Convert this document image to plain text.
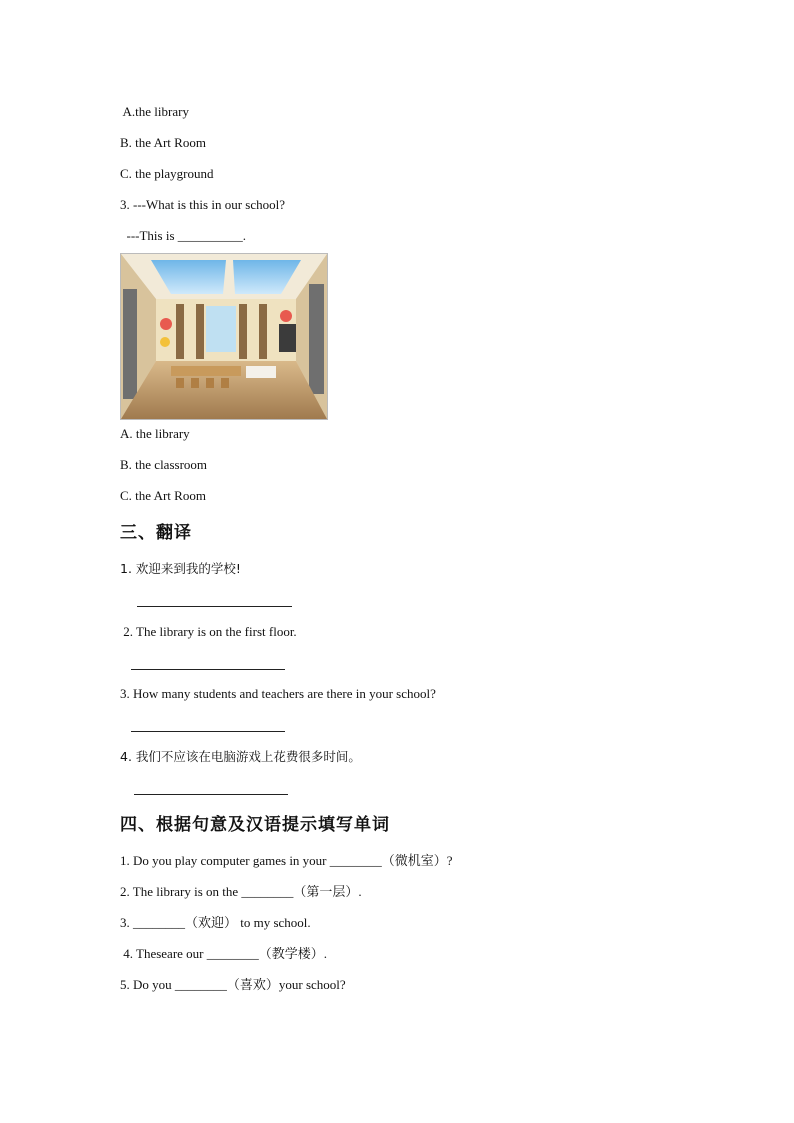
A.the library
B. the Art Room
C. the playground
3. ---What is this in our school?
---This is __________.
A. the library
B. the classroom
C. the Art Room
三、翻译
1. 欢迎来到我的学校!
2. The library is on the first floor.
3. How many students and teachers are there in your school?
4. 我们不应该在电脑游戏上花费很多时间。
四、根据句意及汉语提示填写单词
1. Do you play computer games in your ________（微机室）?
2. The library is on the ________（第一层）.
3. ________（欢迎） to my school.
4. Theseare our ________（教学楼）.
5. Do you ________（喜欢）your school?
